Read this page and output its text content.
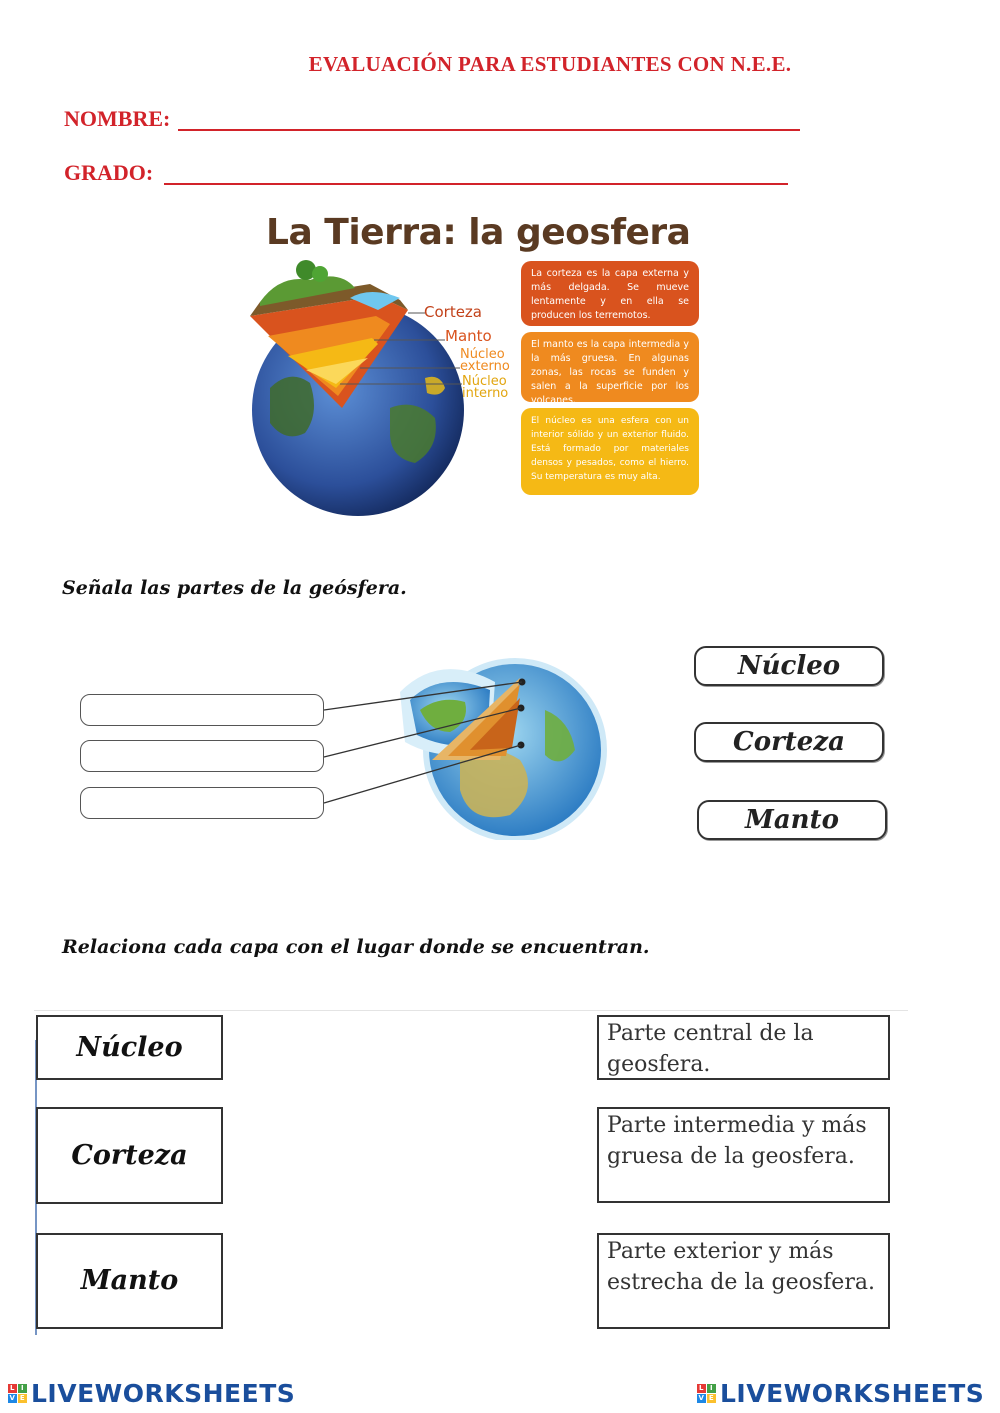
EVALUACIÓN PARA ESTUDIANTES CON N.E.E.
NOMBRE:
GRADO:
La Tierra: la geosfera
Corteza
Manto
Núcleo externo
Núcleo interno
La corteza es la capa externa y más delgada. Se mueve lentamente y en ella se producen los terremotos.
El manto es la capa intermedia y la más gruesa. En algunas zonas, las rocas se funden y salen a la superficie por los volcanes.
El núcleo es una esfera con un interior sólido y un exterior fluido. Está formado por materiales densos y pesados, como el hierro. Su temperatura es muy alta.
Señala las partes de la geósfera.
Núcleo
Corteza
Manto
Relaciona cada capa con el lugar donde se encuentran.
Núcleo
Corteza
Manto
Parte central de la geosfera.
Parte intermedia y más gruesa de la geosfera.
Parte exterior y más estrecha de la geosfera.
L I
V E LIVEWORKSHEETS	L I
V E LIVEWORKSHEETS
